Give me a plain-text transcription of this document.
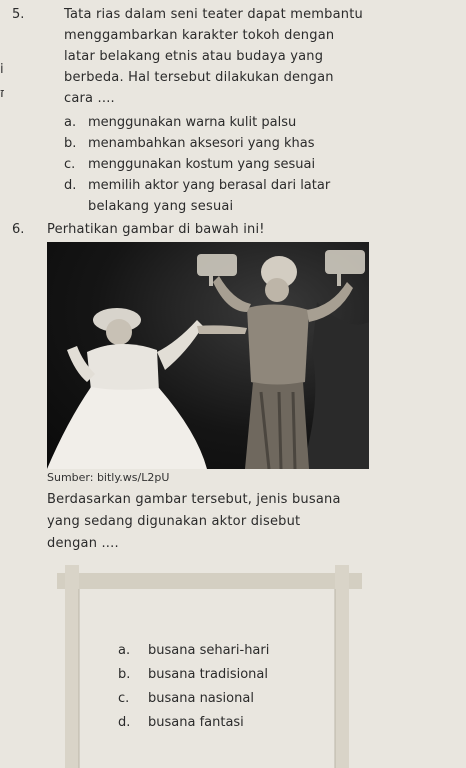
i
ז
5.	Tata rias dalam seni teater dapat membantu
menggambarkan karakter tokoh dengan
latar belakang etnis atau budaya yang
berbeda. Hal tersebut dilakukan dengan
cara ....
a. menggunakan warna kulit palsu
b. menambahkan aksesori yang khas
c. menggunakan kostum yang sesuai
d. memilih aktor yang berasal dari latar
belakang yang sesuai
6. Perhatikan gambar di bawah ini!
Sumber: bitly.ws/L2pU
Berdasarkan gambar tersebut, jenis busana
yang sedang digunakan aktor disebut
dengan ....
a. busana sehari-hari
b. busana tradisional
c. busana nasional
d. busana fantasi
